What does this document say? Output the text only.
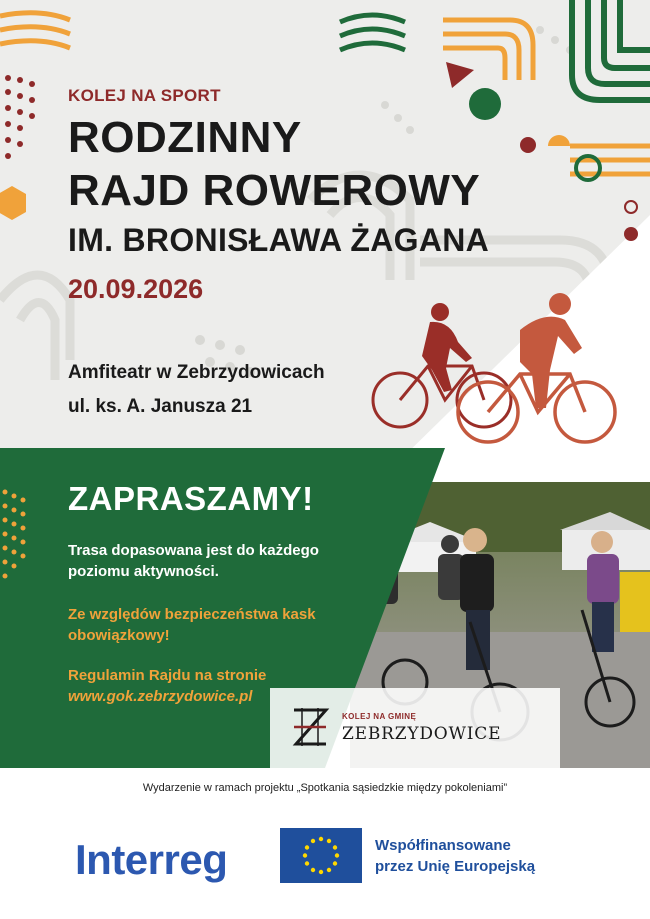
KOLEJ NA SPORT
RODZINNY
RAJD ROWEROWY
IM. BRONISŁAWA ŻAGANA
20.09.2026
Amfiteatr w Zebrzydowicach
ul. ks. A. Janusza 21
ZAPRASZAMY!

Trasa dopasowana jest do każdego poziomu aktywności.

Ze względów bezpieczeństwa kask obowiązkowy!

Regulamin Rajdu na stronie
www.gok.zebrzydowice.pl

KOLEJ NA GMINĘ
ZEBRZYDOWICE
Wydarzenie w ramach projektu „Spotkania sąsiedzkie między pokoleniami”
Interreg	Współfinansowane
przez Unię Europejską
